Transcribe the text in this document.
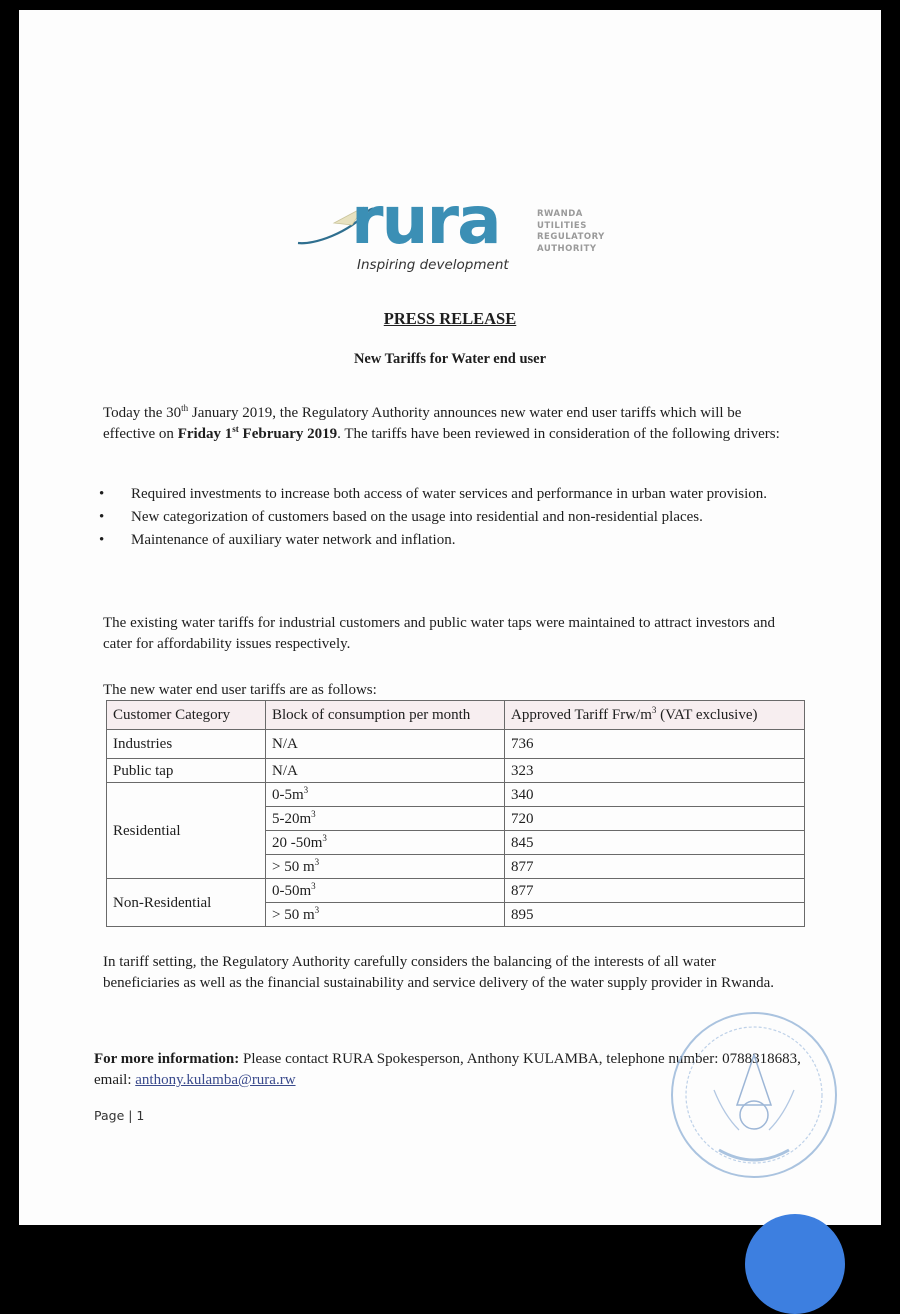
rura
Inspiring development
RWANDA
UTILITIES
REGULATORY
AUTHORITY
PRESS RELEASE
New Tariffs for Water end user
Today the 30th January 2019, the Regulatory Authority announces new water end user tariffs which will be effective on Friday 1st February 2019. The tariffs have been reviewed in consideration of the following drivers:
• Required investments to increase both access of water services and performance in urban water provision.
• New categorization of customers based on the usage into residential and non-residential places.
• Maintenance of auxiliary water network and inflation.
The existing water tariffs for industrial customers and public water taps were maintained to attract investors and cater for affordability issues respectively.
The new water end user tariffs are as follows:
Customer Category	Block of consumption per month	Approved Tariff Frw/$m^3$ (VAT exclusive)
Industries	N/A	736
Public tap	N/A	323
Residential	$0-5m^3$	340
	$5-20m^3$	720
	20 $-50m^3$	845
	> 50 $m^3$	877
Non-Residential	$0-50m^3$	877
	> 50 $m^3$	895
In tariff setting, the Regulatory Authority carefully considers the balancing of the interests of all water beneficiaries as well as the financial sustainability and service delivery of the water supply provider in Rwanda.
For more information: Please contact RURA Spokesperson, Anthony KULAMBA, telephone number: 0788318683, email: anthony.kulamba@rura.rw
Page | 1
